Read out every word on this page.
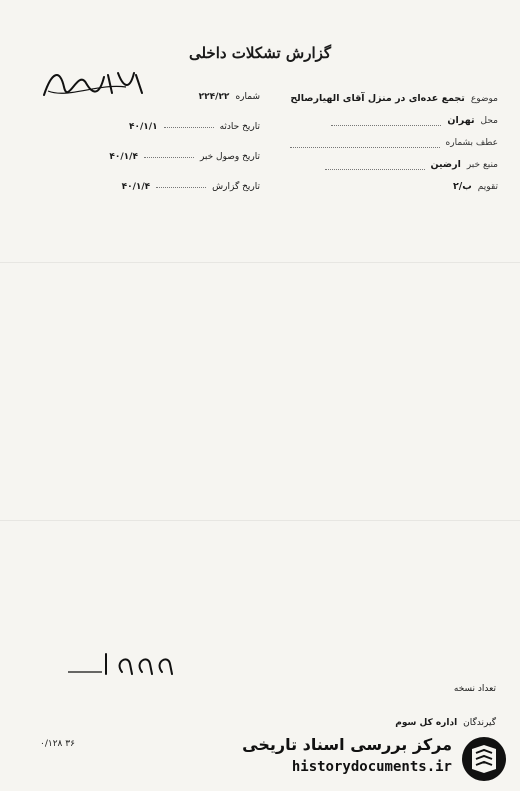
گزارش تشکلات داخلی
موضوع
تجمع عده‌ای در منزل آقای الهیارصالح
محل
تهران
عطف بشماره
منبع خبر
ارضین
تقویم
ب/۲
شماره
۲۲۴/۲۲
تاریخ حادثه
۴۰/۱/۱
تاریخ وصول خبر
۴۰/۱/۴
تاریخ گزارش
۴۰/۱/۴

۱۸۲۲
تعداد نسخه
گیرندگان
اداره کل سوم
۳۶ ۰/۱۲۸	مرکز بررسی اسناد تاریخی
historydocuments.ir
